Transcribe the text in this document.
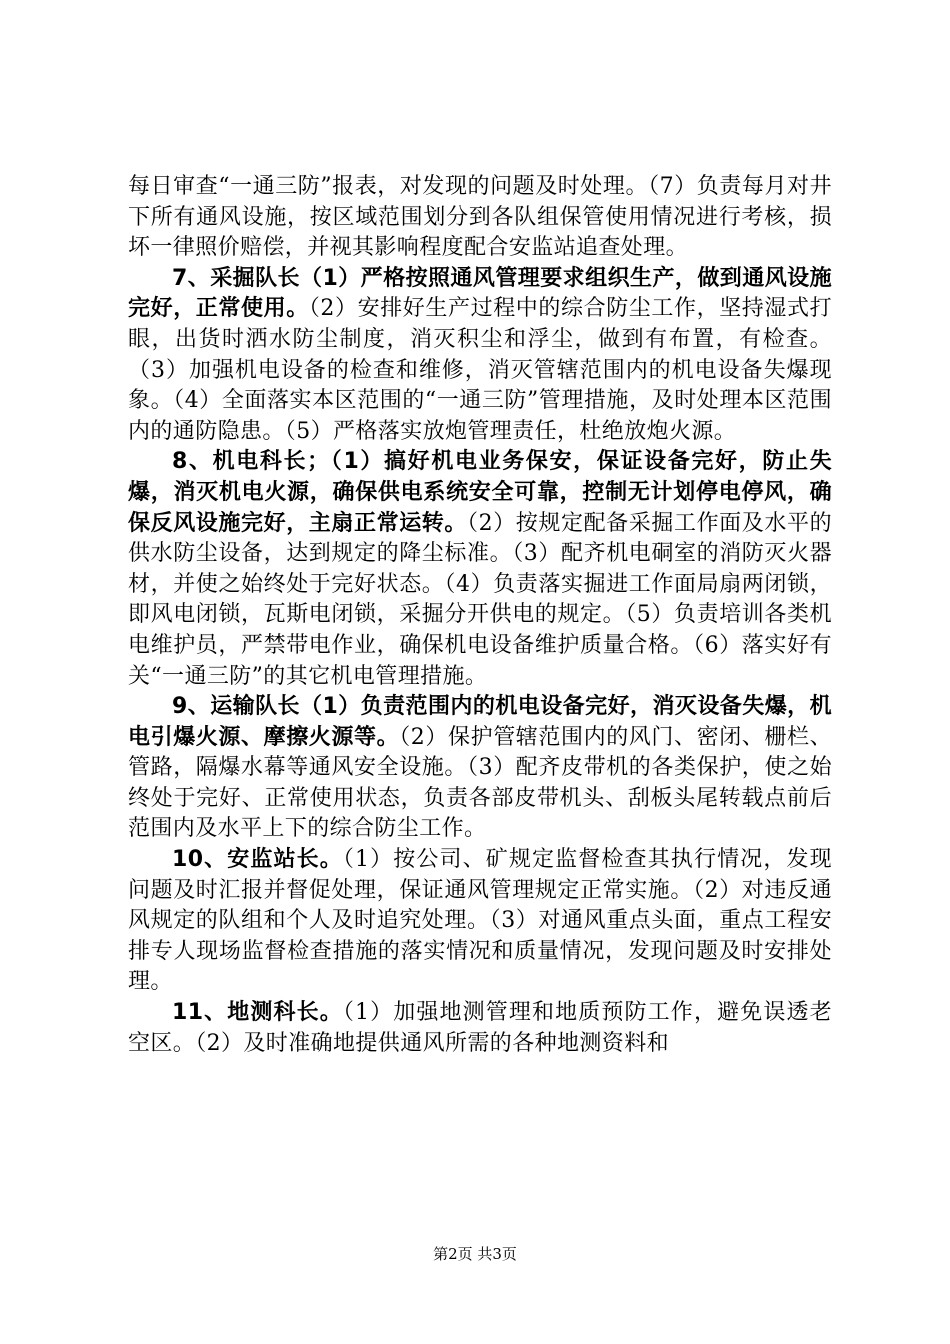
每日审查“一通三防”报表，对发现的问题及时处理。（7）负责每月对井下所有通风设施，按区域范围划分到各队组保管使用情况进行考核，损坏一律照价赔偿，并视其影响程度配合安监站追查处理。

7、采掘队长（1）严格按照通风管理要求组织生产，做到通风设施完好，正常使用。（2）安排好生产过程中的综合防尘工作，坚持湿式打眼，出货时洒水防尘制度，消灭积尘和浮尘，做到有布置，有检查。（3）加强机电设备的检查和维修，消灭管辖范围内的机电设备失爆现象。（4）全面落实本区范围的“一通三防”管理措施，及时处理本区范围内的通防隐患。（5）严格落实放炮管理责任，杜绝放炮火源。

8、机电科长；（1）搞好机电业务保安，保证设备完好，防止失爆，消灭机电火源，确保供电系统安全可靠，控制无计划停电停风，确保反风设施完好，主扇正常运转。（2）按规定配备采掘工作面及水平的供水防尘设备，达到规定的降尘标准。（3）配齐机电硐室的消防灭火器材，并使之始终处于完好状态。（4）负责落实掘进工作面局扇两闭锁，即风电闭锁，瓦斯电闭锁，采掘分开供电的规定。（5）负责培训各类机电维护员，严禁带电作业，确保机电设备维护质量合格。（6）落实好有关“一通三防”的其它机电管理措施。

9、运输队长（1）负责范围内的机电设备完好，消灭设备失爆，机电引爆火源、摩擦火源等。（2）保护管辖范围内的风门、密闭、栅栏、管路，隔爆水幕等通风安全设施。（3）配齐皮带机的各类保护，使之始终处于完好、正常使用状态，负责各部皮带机头、刮板头尾转载点前后范围内及水平上下的综合防尘工作。

10、安监站长。（1）按公司、矿规定监督检查其执行情况，发现问题及时汇报并督促处理，保证通风管理规定正常实施。（2）对违反通风规定的队组和个人及时追究处理。（3）对通风重点头面，重点工程安排专人现场监督检查措施的落实情况和质量情况，发现问题及时安排处理。

11、地测科长。（1）加强地测管理和地质预防工作，避免误透老空区。（2）及时准确地提供通风所需的各种地测资料和

第2页 共3页
